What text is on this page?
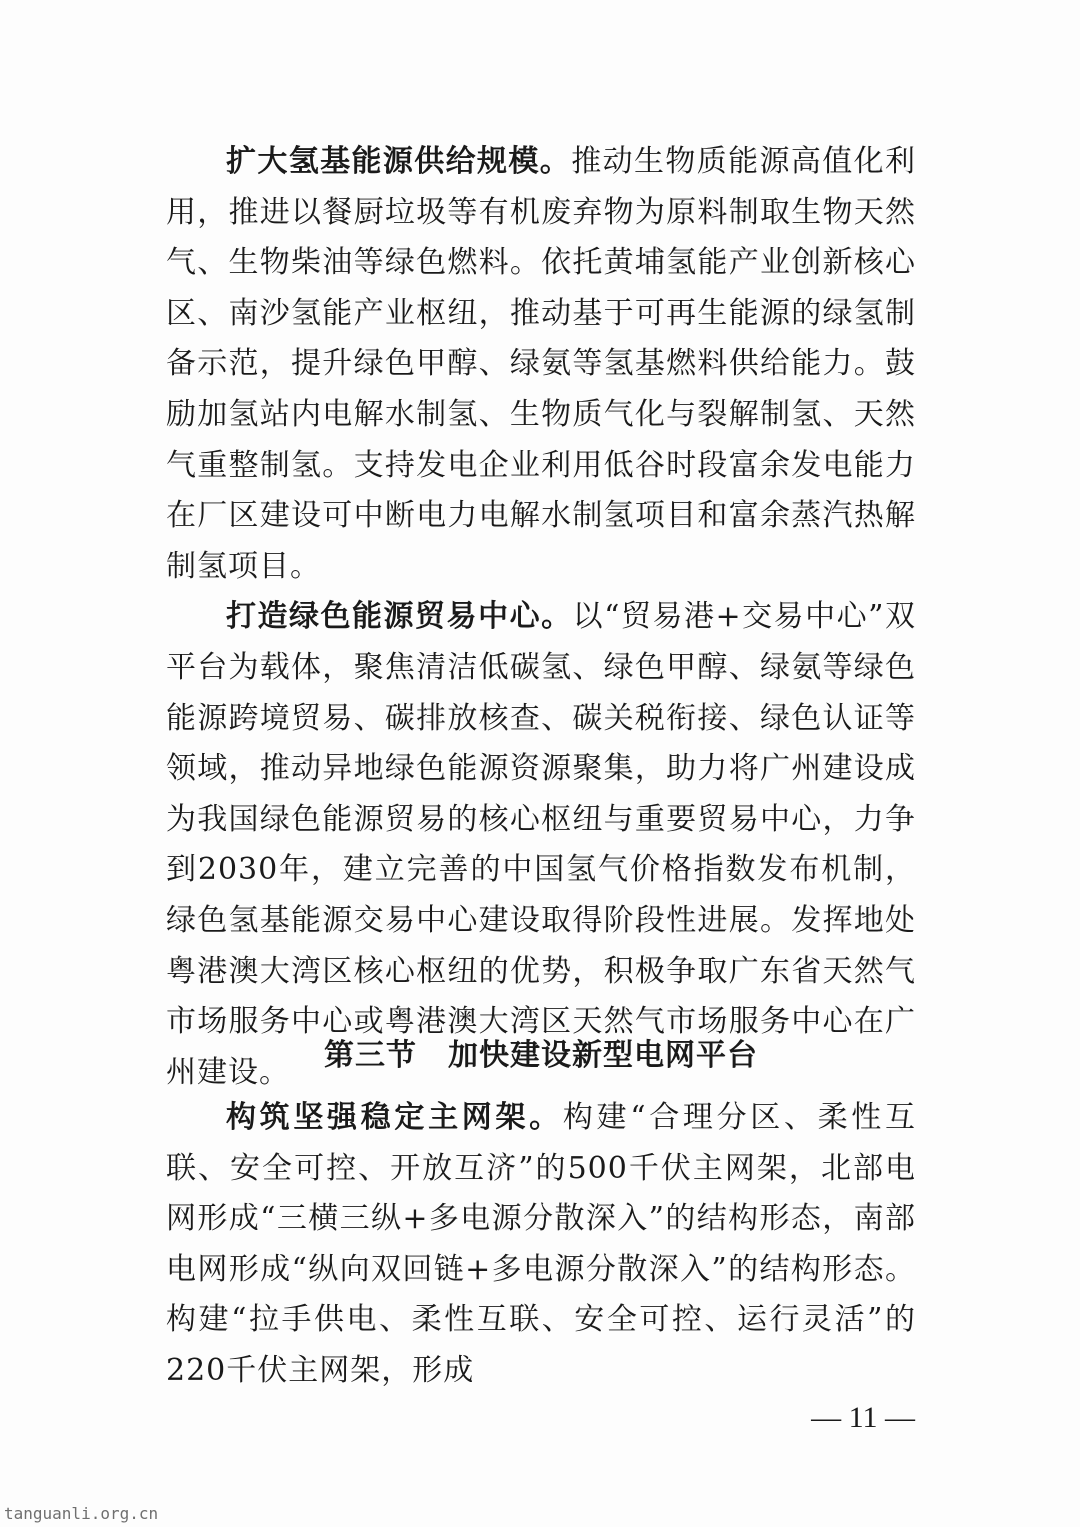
扩大氢基能源供给规模。推动生物质能源高值化利用，推进以餐厨垃圾等有机废弃物为原料制取生物天然气、生物柴油等绿色燃料。依托黄埔氢能产业创新核心区、南沙氢能产业枢纽，推动基于可再生能源的绿氢制备示范，提升绿色甲醇、绿氨等氢基燃料供给能力。鼓励加氢站内电解水制氢、生物质气化与裂解制氢、天然气重整制氢。支持发电企业利用低谷时段富余发电能力在厂区建设可中断电力电解水制氢项目和富余蒸汽热解制氢项目。

打造绿色能源贸易中心。以“贸易港+交易中心”双平台为载体，聚焦清洁低碳氢、绿色甲醇、绿氨等绿色能源跨境贸易、碳排放核查、碳关税衔接、绿色认证等领域，推动异地绿色能源资源聚集，助力将广州建设成为我国绿色能源贸易的核心枢纽与重要贸易中心，力争到2030年，建立完善的中国氢气价格指数发布机制，绿色氢基能源交易中心建设取得阶段性进展。发挥地处粤港澳大湾区核心枢纽的优势，积极争取广东省天然气市场服务中心或粤港澳大湾区天然气市场服务中心在广州建设。	第三节　加快建设新型电网平台

构筑坚强稳定主网架。构建“合理分区、柔性互联、安全可控、开放互济”的500千伏主网架，北部电网形成“三横三纵+多电源分散深入”的结构形态，南部电网形成“纵向双回链+多电源分散深入”的结构形态。构建“拉手供电、柔性互联、安全可控、运行灵活”的220千伏主网架，形成

— 11 —
tanguanli.org.cn
